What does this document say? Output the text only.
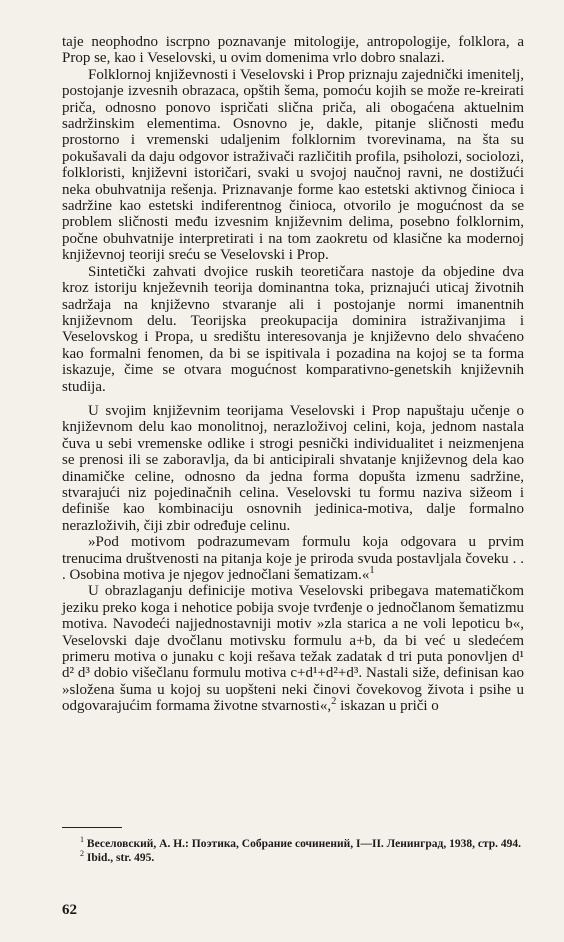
taje neophodno iscrpno poznavanje mitologije, antropologije, folklora, a Prop se, kao i Veselovski, u ovim domenima vrlo dobro snalazi.

Folklornoj književnosti i Veselovski i Prop priznaju zajednički imenitelj, postojanje izvesnih obrazaca, opštih šema, pomoću kojih se može re-kreirati priča, odnosno ponovo ispričati slična priča, ali obogaćena aktuelnim sadržinskim elementima. Osnovno je, dakle, pitanje sličnosti među prostorno i vremenski udaljenim folklornim tvorevinama, na šta su pokušavali da daju odgovor istraživači različitih profila, psiholozi, sociolozi, folkloristi, književni istoričari, svaki u svojoj naučnoj ravni, ne dostižući neka obuhvatnija rešenja. Priznavanje forme kao estetski aktivnog činioca i sadržine kao estetski indiferentnog činioca, otvorilo je mogućnost da se problem sličnosti među izvesnim književnim delima, posebno folklornim, počne obuhvatnije interpretirati i na tom zaokretu od klasične ka modernoj književnoj teoriji sreću se Veselovski i Prop.

Sintetički zahvati dvojice ruskih teoretičara nastoje da objedine dva kroz istoriju knježevnih teorija dominantna toka, priznajući uticaj životnih sadržaja na književno stvaranje ali i postojanje normi imanentnih književnom delu. Teorijska preokupacija dominira istraživanjima i Veselovskog i Propa, u središtu interesovanja je književno delo shvaćeno kao formalni fenomen, da bi se ispitivala i pozadina na kojoj se ta forma iskazuje, čime se otvara mogućnost komparativno-genetskih književnih studija.

U svojim književnim teorijama Veselovski i Prop napuštaju učenje o književnom delu kao monolitnoj, nerazloživoj celini, koja, jednom nastala čuva u sebi vremenske odlike i strogi pesnički individualitet i neizmenjena se prenosi ili se zaboravlja, da bi anticipirali shvatanje književnog dela kao dinamičke celine, odnosno da jedna forma dopušta izmenu sadržine, stvarajući niz pojedinačnih celina. Veselovski tu formu naziva sižeom i definiše kao kombinaciju osnovnih jedinica-motiva, dalje formalno nerazloživih, čiji zbir određuje celinu.

»Pod motivom podrazumevam formulu koja odgovara u prvim trenucima društvenosti na pitanja koje je priroda svuda postavljala čoveku . . . Osobina motiva je njegov jednočlani šematizam.«$^1$

U obrazlaganju definicije motiva Veselovski pribegava matematičkom jeziku preko koga i nehotice pobija svoje tvrđenje o jednočlanom šematizmu motiva. Navodeći najjednostavniji motiv »zla starica a ne voli lepoticu b«, Veselovski daje dvočlanu motivsku formulu a+b, da bi već u sledećem primeru motiva o junaku c koji rešava težak zadatak d tri puta ponovljen d¹ d² d³ dobio višečlanu formulu motiva c+d¹+d²+d³. Nastali siže, definisan kao »složena šuma u kojoj su uopšteni neki činovi čovekovog života i psihe u odgovarajućim formama životne stvarnosti«,$^2$ iskazan u priči o

$^1$ Веселовский, А. Н.: Поэтика, Собрание сочинений, I—II. Ленинград, 1938, стр. 494.

$^2$ Ibid., str. 495.

62
